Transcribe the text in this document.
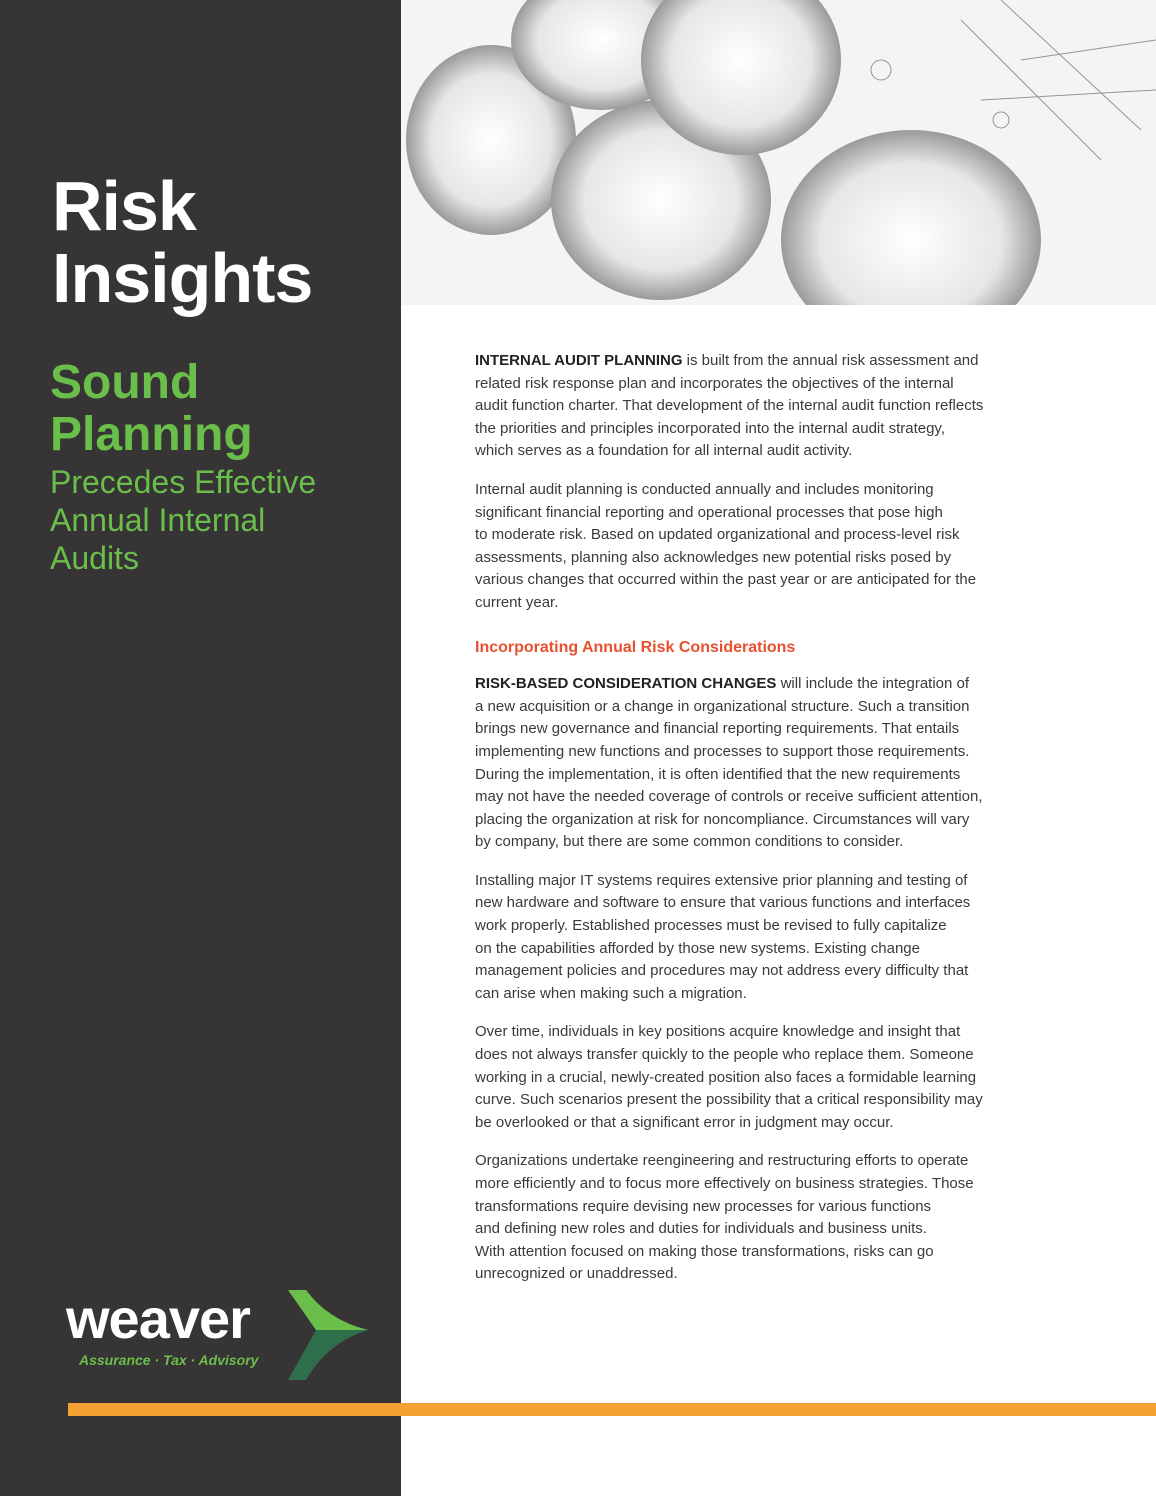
Risk
Insights
Sound
Planning
Precedes Effective
Annual Internal
Audits
weaver
Assurance · Tax · Advisory

INTERNAL AUDIT PLANNING is built from the annual risk assessment and
related risk response plan and incorporates the objectives of the internal
audit function charter. That development of the internal audit function reflects
the priorities and principles incorporated into the internal audit strategy,
which serves as a foundation for all internal audit activity.

Internal audit planning is conducted annually and includes monitoring
significant financial reporting and operational processes that pose high
to moderate risk. Based on updated organizational and process-level risk
assessments, planning also acknowledges new potential risks posed by
various changes that occurred within the past year or are anticipated for the
current year.

Incorporating Annual Risk Considerations

RISK-BASED CONSIDERATION CHANGES will include the integration of
a new acquisition or a change in organizational structure. Such a transition
brings new governance and financial reporting requirements. That entails
implementing new functions and processes to support those requirements.
During the implementation, it is often identified that the new requirements
may not have the needed coverage of controls or receive sufficient attention,
placing the organization at risk for noncompliance. Circumstances will vary
by company, but there are some common conditions to consider.

Installing major IT systems requires extensive prior planning and testing of
new hardware and software to ensure that various functions and interfaces
work properly. Established processes must be revised to fully capitalize
on the capabilities afforded by those new systems. Existing change
management policies and procedures may not address every difficulty that
can arise when making such a migration.

Over time, individuals in key positions acquire knowledge and insight that
does not always transfer quickly to the people who replace them. Someone
working in a crucial, newly-created position also faces a formidable learning
curve. Such scenarios present the possibility that a critical responsibility may
be overlooked or that a significant error in judgment may occur.

Organizations undertake reengineering and restructuring efforts to operate
more efficiently and to focus more effectively on business strategies. Those
transformations require devising new processes for various functions
and defining new roles and duties for individuals and business units.
With attention focused on making those transformations, risks can go
unrecognized or unaddressed.
